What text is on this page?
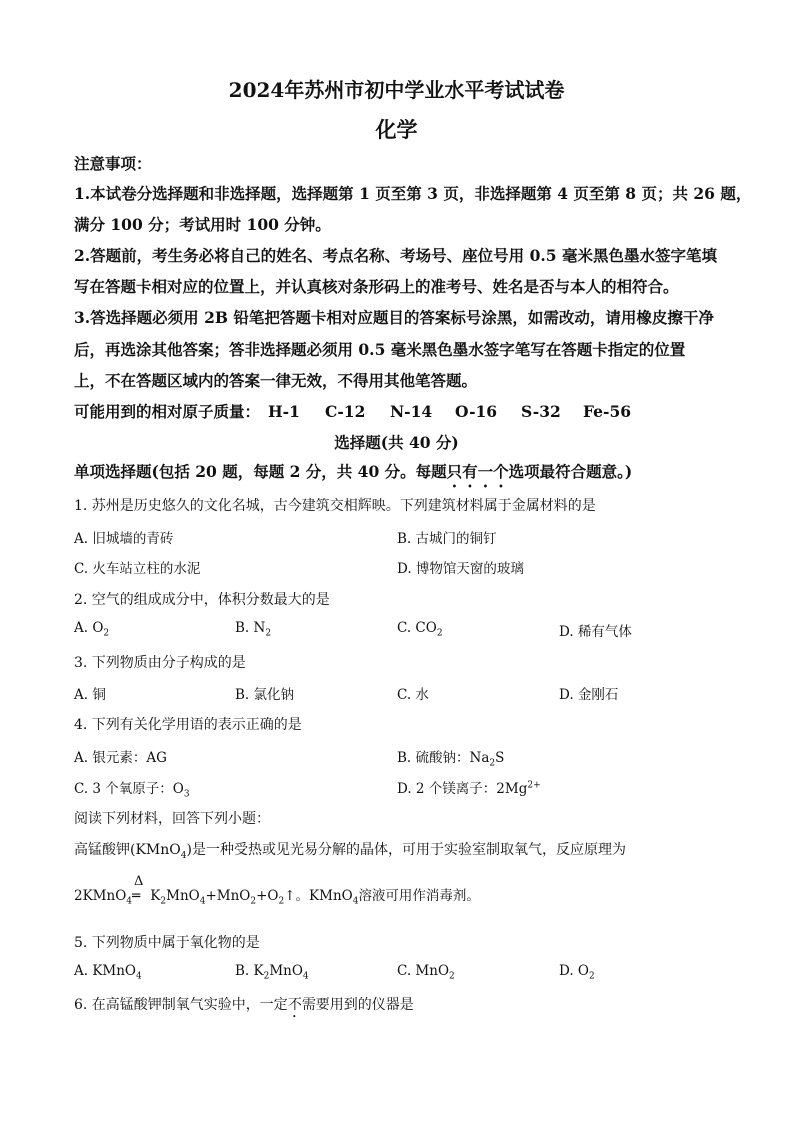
2024年苏州市初中学业水平考试试卷
化学
注意事项：
1.本试卷分选择题和非选择题，选择题第 1 页至第 3 页，非选择题第 4 页至第 8 页；共 26 题，
满分 100 分；考试用时 100 分钟。
2.答题前，考生务必将自己的姓名、考点名称、考场号、座位号用 0.5 毫米黑色墨水签字笔填
写在答题卡相对应的位置上，并认真核对条形码上的准考号、姓名是否与本人的相符合。
3.答选择题必须用 2B 铅笔把答题卡相对应题目的答案标号涂黑，如需改动，请用橡皮擦干净
后，再选涂其他答案；答非选择题必须用 0.5 毫米黑色墨水签字笔写在答题卡指定的位置
上，不在答题区域内的答案一律无效，不得用其他笔答题。
可能用到的相对原子质量： H-1 C-12 N-14 O-16 S-32 Fe-56
选择题(共 40 分)
单项选择题(包括 20 题，每题 2 分，共 40 分。每题只有一个选项最符合题意。)
1. 苏州是历史悠久的文化名城，古今建筑交相辉映。下列建筑材料属于金属材料的是
A. 旧城墙的青砖	B. 古城门的铜钉
C. 火车站立柱的水泥	D. 博物馆天窗的玻璃
2. 空气的组成成分中，体积分数最大的是
A. $O_2$	B. $N_2$	C. $CO_2$	D. 稀有气体
3. 下列物质由分子构成的是
A. 铜	B. 氯化钠	C. 水	D. 金刚石
4. 下列有关化学用语的表示正确的是
A. 银元素：AG	B. 硫酸钠：$Na_2S$
C. 3 个氧原子：$O_3$	D. 2 个镁离子：$2Mg^{2+}$
阅读下列材料，回答下列小题：
高锰酸钾(KMnO$_4$)是一种受热或见光易分解的晶体，可用于实验室制取氧气，反应原理为
2KMnO$_4$
Δ
═ $K_2MnO_4+MnO_2+O_2↑$。KMnO$_4$溶液可用作消毒剂。
5. 下列物质中属于氧化物的是
A. KMnO$_4$	B. $K_2MnO_4$	C. MnO$_2$	D. $O_2$
6. 在高锰酸钾制氧气实验中，一定不需要用到的仪器是
